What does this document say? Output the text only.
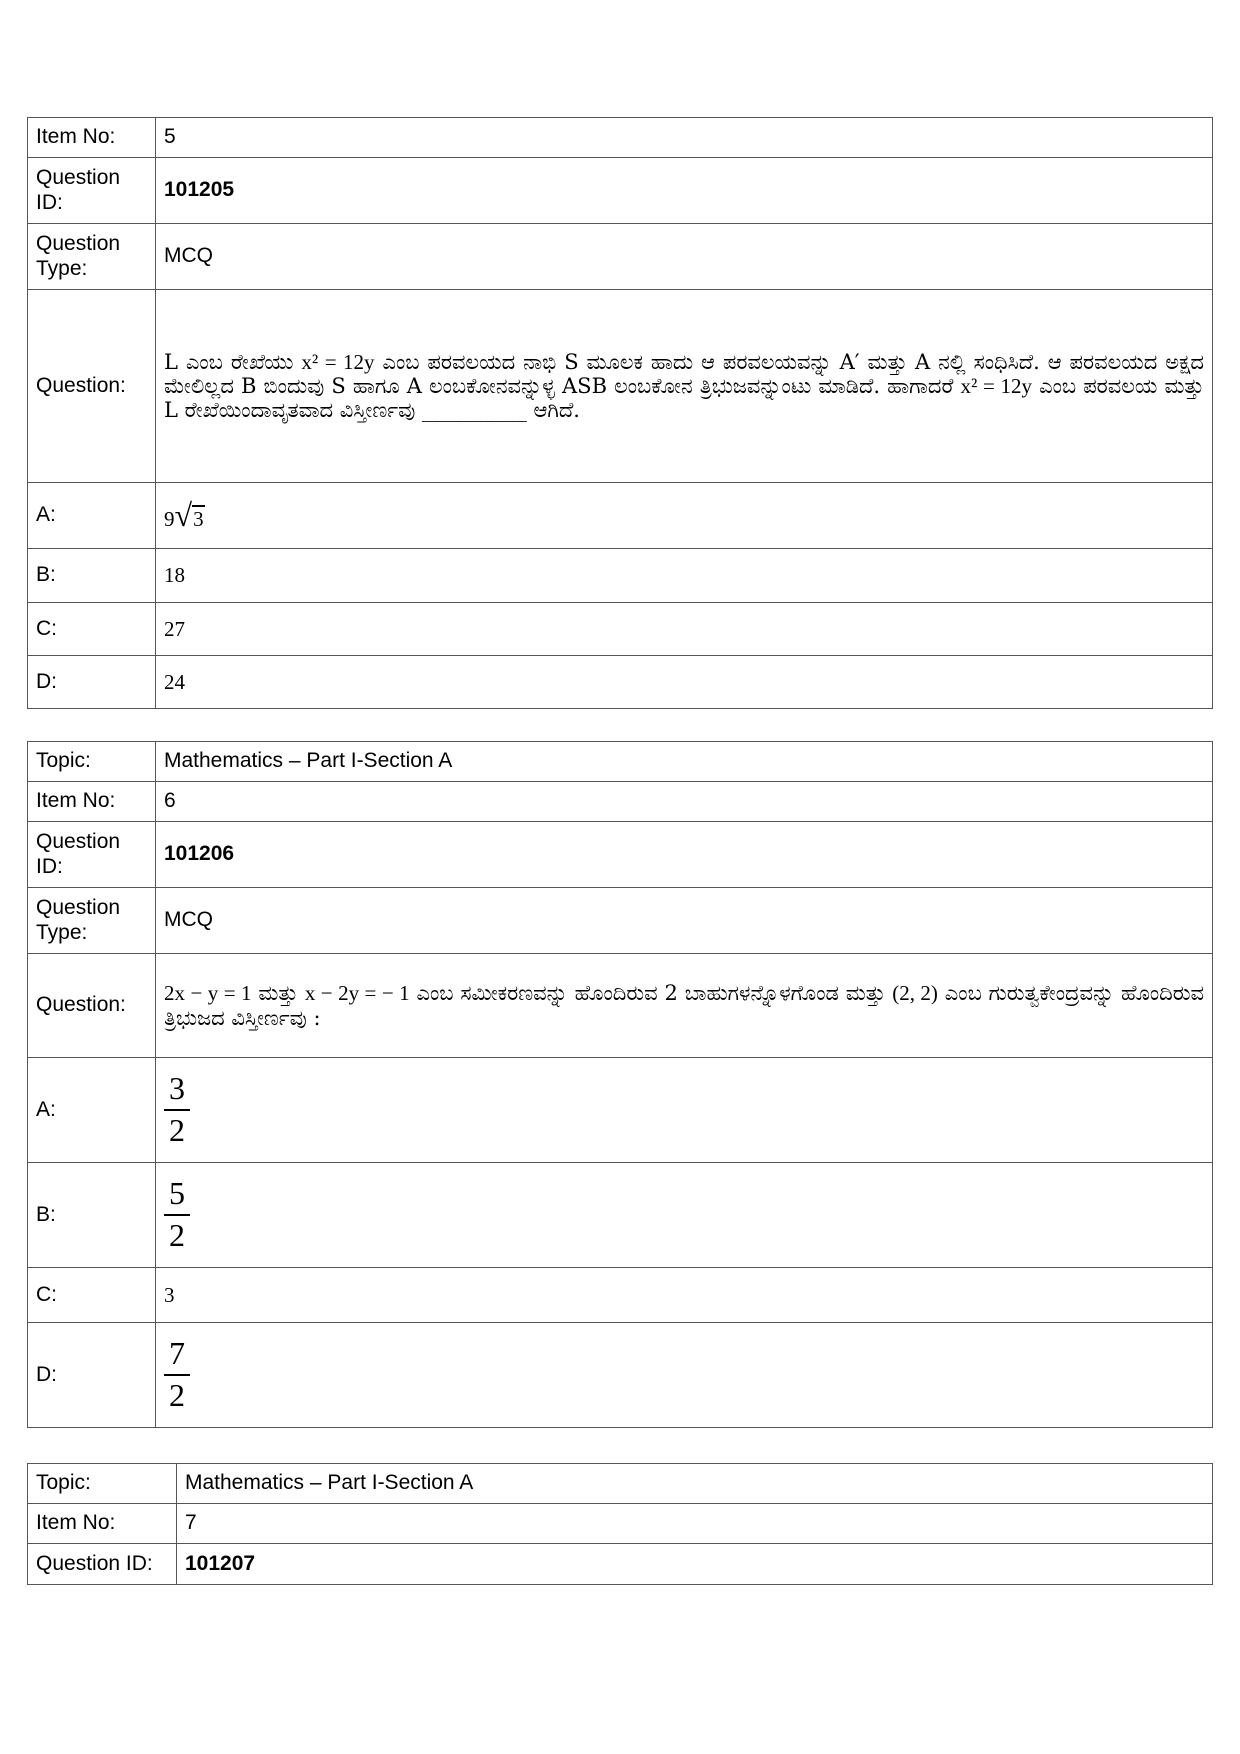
Item No:	5
Question ID:	101205
Question Type:	MCQ
Question:	L ಎಂಬ ರೇಖೆಯು x² = 12y ಎಂಬ ಪರವಲಯದ ನಾಭಿ S ಮೂಲಕ ಹಾದು ಆ ಪರವಲಯವನ್ನು A′ ಮತ್ತು A ನಲ್ಲಿ ಸಂಧಿಸಿದೆ. ಆ ಪರವಲಯದ ಅಕ್ಷದ ಮೇಲಿಲ್ಲದ B ಬಿಂದುವು S ಹಾಗೂ A ಲಂಬಕೋನವನ್ನುಳ್ಳ ASB ಲಂಬಕೋನ ತ್ರಿಭುಜವನ್ನುಂಟು ಮಾಡಿದೆ. ಹಾಗಾದರೆ x² = 12y ಎಂಬ ಪರವಲಯ ಮತ್ತು L ರೇಖೆಯಿಂದಾವೃತವಾದ ವಿಸ್ತೀರ್ಣವು __________ ಆಗಿದೆ.
A:	9√3
B:	18
C:	27
D:	24
Topic:	Mathematics – Part I-Section A
Item No:	6
Question ID:	101206
Question Type:	MCQ
Question:	2x − y = 1 ಮತ್ತು x − 2y = − 1 ಎಂಬ ಸಮೀಕರಣವನ್ನು ಹೊಂದಿರುವ 2 ಬಾಹುಗಳನ್ನೊಳಗೊಂಡ ಮತ್ತು (2, 2) ಎಂಬ ಗುರುತ್ವಕೇಂದ್ರವನ್ನು ಹೊಂದಿರುವ ತ್ರಿಭುಜದ ವಿಸ್ತೀರ್ಣವು :
A:	$\frac{3}{2}$

B:	$\frac{5}{2}$

C:	3
D:	$\frac{7}{2}$
Topic:	Mathematics – Part I-Section A
Item No:	7
Question ID:	101207
